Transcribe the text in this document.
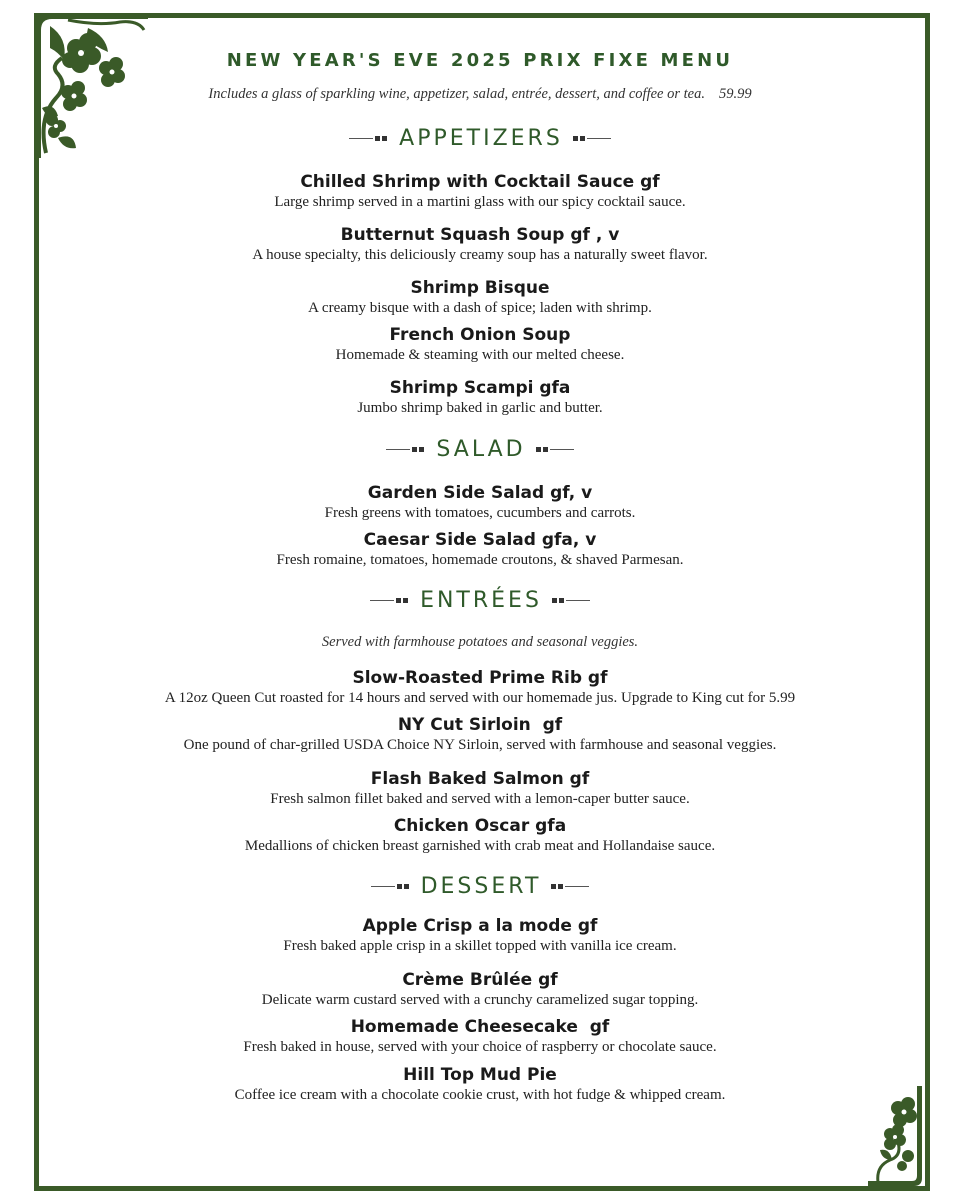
NEW YEAR'S EVE 2025 PRIX FIXE MENU
Includes a glass of sparkling wine, appetizer, salad, entrée, dessert, and coffee or tea. 59.99
APPETIZERS
Chilled Shrimp with Cocktail Sauce gf
Large shrimp served in a martini glass with our spicy cocktail sauce.
Butternut Squash Soup gf , v
A house specialty, this deliciously creamy soup has a naturally sweet flavor.
Shrimp Bisque
A creamy bisque with a dash of spice; laden with shrimp.
French Onion Soup
Homemade & steaming with our melted cheese.
Shrimp Scampi gfa
Jumbo shrimp baked in garlic and butter.
SALAD
Garden Side Salad gf, v
Fresh greens with tomatoes, cucumbers and carrots.
Caesar Side Salad gfa, v
Fresh romaine, tomatoes, homemade croutons, & shaved Parmesan.
ENTRÉES
Served with farmhouse potatoes and seasonal veggies.
Slow-Roasted Prime Rib gf
A 12oz Queen Cut roasted for 14 hours and served with our homemade jus. Upgrade to King cut for 5.99
NY Cut Sirloin  gf
One pound of char-grilled USDA Choice NY Sirloin, served with farmhouse and seasonal veggies.
Flash Baked Salmon gf
Fresh salmon fillet baked and served with a lemon-caper butter sauce.
Chicken Oscar gfa
Medallions of chicken breast garnished with crab meat and Hollandaise sauce.
DESSERT
Apple Crisp a la mode gf
Fresh baked apple crisp in a skillet topped with vanilla ice cream.
Crème Brûlée gf
Delicate warm custard served with a crunchy caramelized sugar topping.
Homemade Cheesecake  gf
Fresh baked in house, served with your choice of raspberry or chocolate sauce.
Hill Top Mud Pie
Coffee ice cream with a chocolate cookie crust, with hot fudge & whipped cream.
